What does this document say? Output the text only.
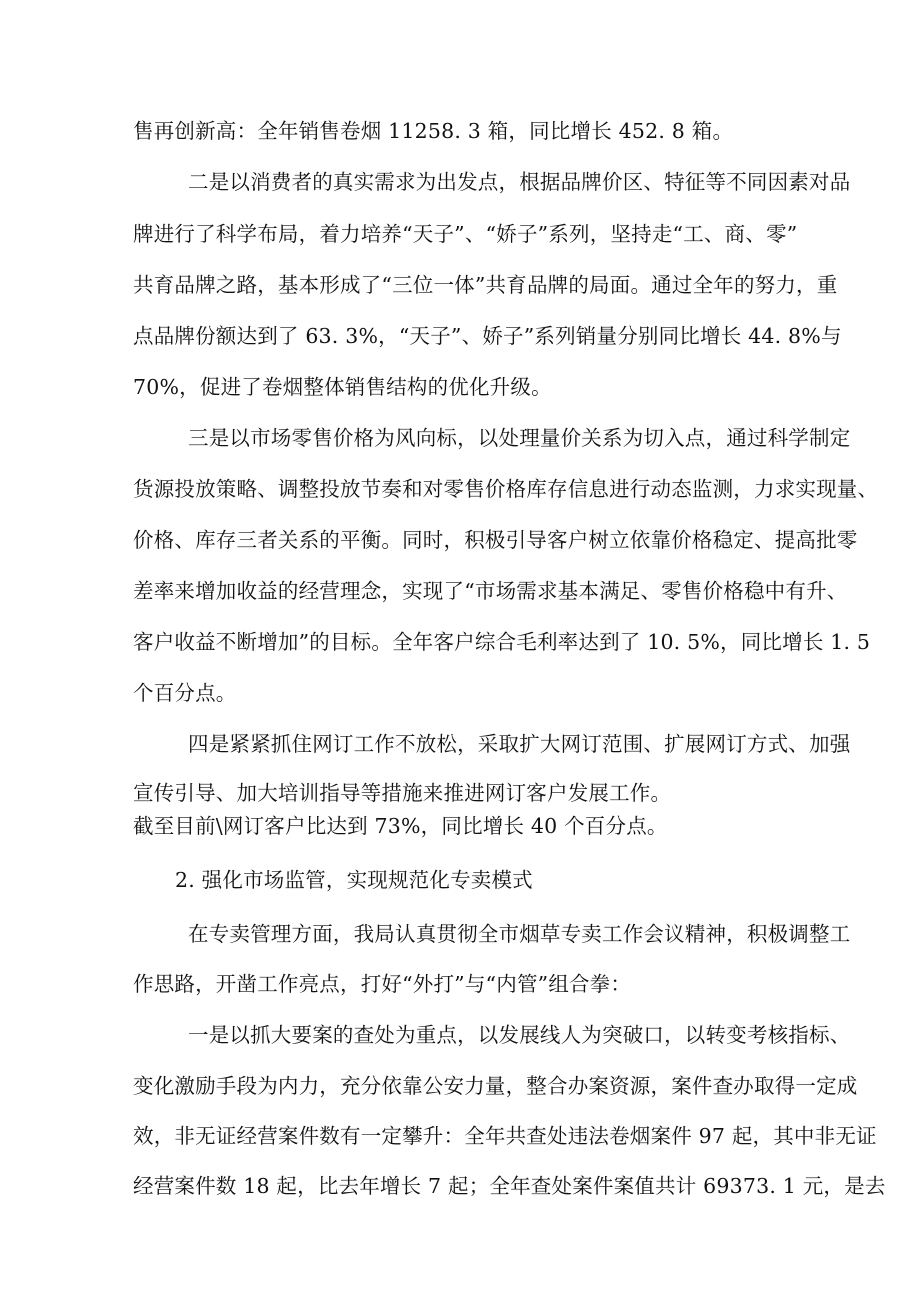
售再创新高：全年销售卷烟 11258. 3 箱，同比增长 452. 8 箱。
二是以消费者的真实需求为出发点，根据品牌价区、特征等不同因素对品
牌进行了科学布局，着力培养“天子”、“娇子”系列，坚持走“工、商、零”
共育品牌之路，基本形成了“三位一体”共育品牌的局面。通过全年的努力，重
点品牌份额达到了 63. 3%，“天子”、娇子”系列销量分别同比增长 44. 8%与
70%，促进了卷烟整体销售结构的优化升级。
三是以市场零售价格为风向标，以处理量价关系为切入点，通过科学制定
货源投放策略、调整投放节奏和对零售价格库存信息进行动态监测，力求实现量、
价格、库存三者关系的平衡。同时，积极引导客户树立依靠价格稳定、提高批零
差率来增加收益的经营理念，实现了“市场需求基本满足、零售价格稳中有升、
客户收益不断增加”的目标。全年客户综合毛利率达到了 10. 5%，同比增长 1. 5
个百分点。
四是紧紧抓住网订工作不放松，采取扩大网订范围、扩展网订方式、加强
宣传引导、加大培训指导等措施来推进网订客户发展工作。
截至目前\网订客户比达到 73%，同比增长 40 个百分点。
2. 强化市场监管，实现规范化专卖模式
在专卖管理方面，我局认真贯彻全市烟草专卖工作会议精神，积极调整工
作思路，开凿工作亮点，打好“外打”与“内管”组合拳：
一是以抓大要案的查处为重点，以发展线人为突破口，以转变考核指标、
变化激励手段为内力，充分依靠公安力量，整合办案资源，案件查办取得一定成
效，非无证经营案件数有一定攀升：全年共查处违法卷烟案件 97 起，其中非无证
经营案件数 18 起，比去年增长 7 起；全年查处案件案值共计 69373. 1 元，是去
